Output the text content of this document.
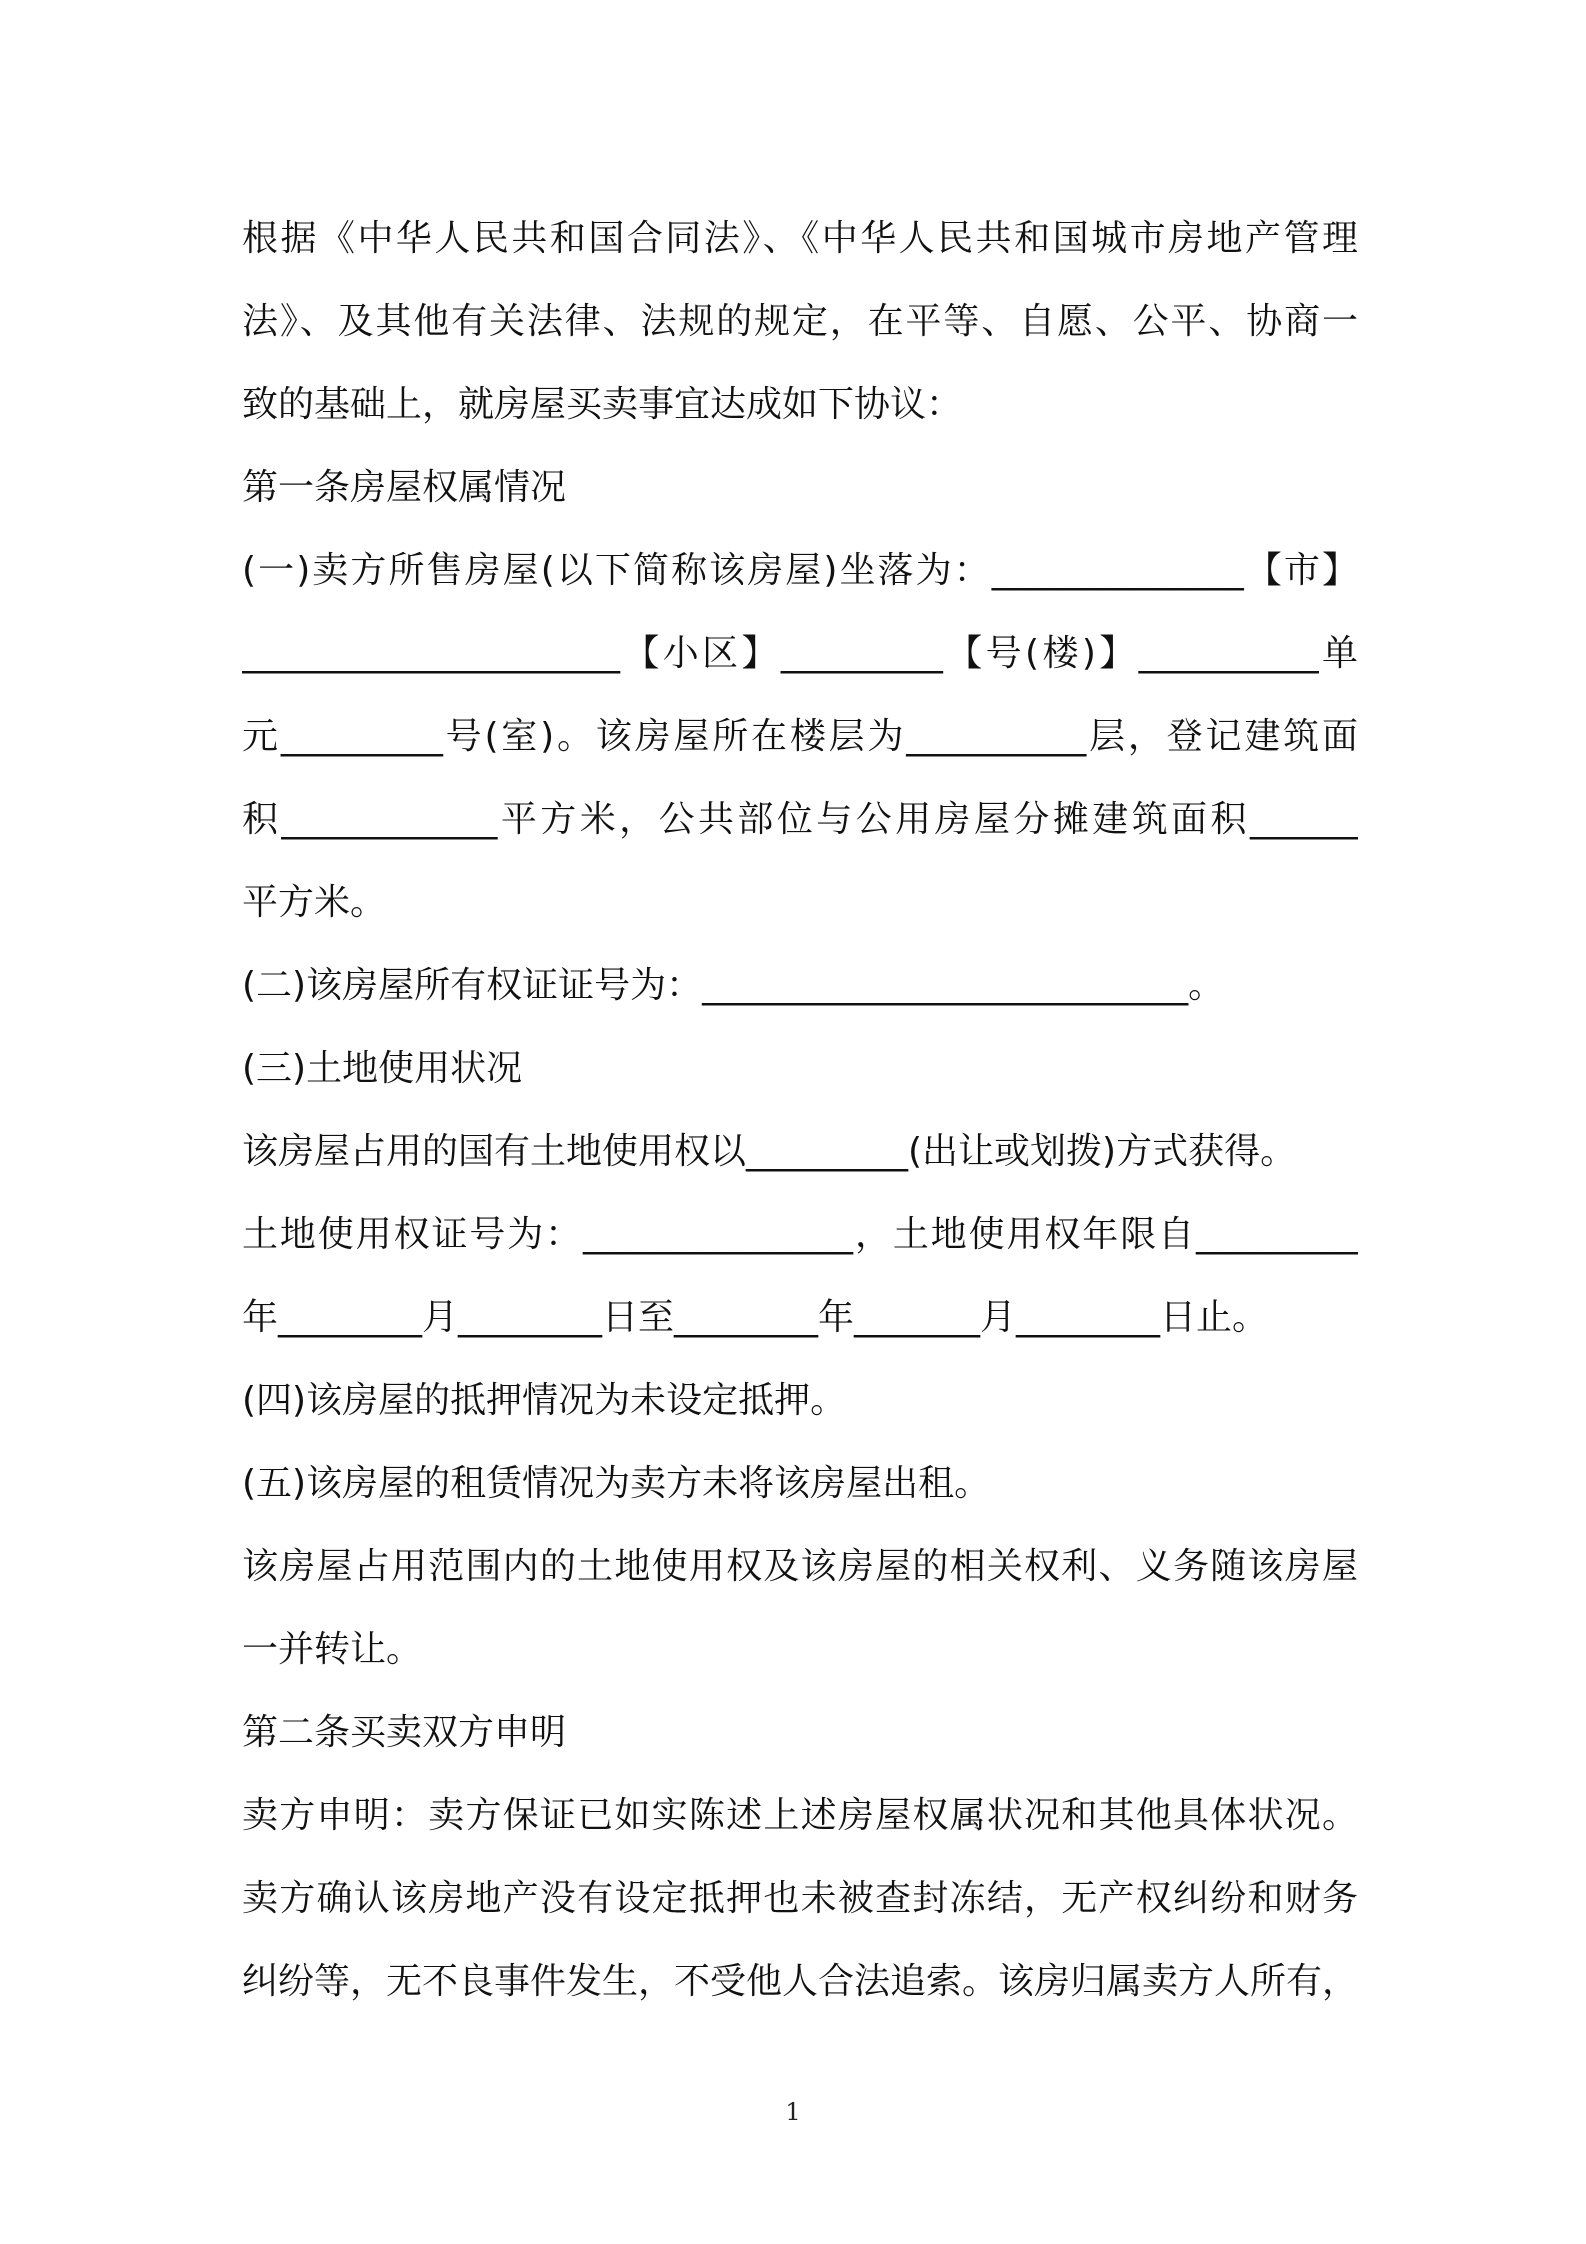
根据《中华人民共和国合同法》、《中华人民共和国城市房地产管理
法》、及其他有关法律、法规的规定，在平等、自愿、公平、协商一
致的基础上，就房屋买卖事宜达成如下协议：
第一条房屋权属情况
(一)卖方所售房屋(以下简称该房屋)坐落为：______________【市】
_____________________【小区】_________【号(楼)】__________单
元_________号(室)。该房屋所在楼层为__________层，登记建筑面
积____________平方米，公共部位与公用房屋分摊建筑面积______
平方米。
(二)该房屋所有权证证号为：___________________________。
(三)土地使用状况
该房屋占用的国有土地使用权以_________(出让或划拨)方式获得。
土地使用权证号为：_______________，土地使用权年限自_________
年________月________日至________年_______月________日止。
(四)该房屋的抵押情况为未设定抵押。
(五)该房屋的租赁情况为卖方未将该房屋出租。
该房屋占用范围内的土地使用权及该房屋的相关权利、义务随该房屋
一并转让。
第二条买卖双方申明
卖方申明：卖方保证已如实陈述上述房屋权属状况和其他具体状况。
卖方确认该房地产没有设定抵押也未被查封冻结，无产权纠纷和财务
纠纷等，无不良事件发生，不受他人合法追索。该房归属卖方人所有，
1
